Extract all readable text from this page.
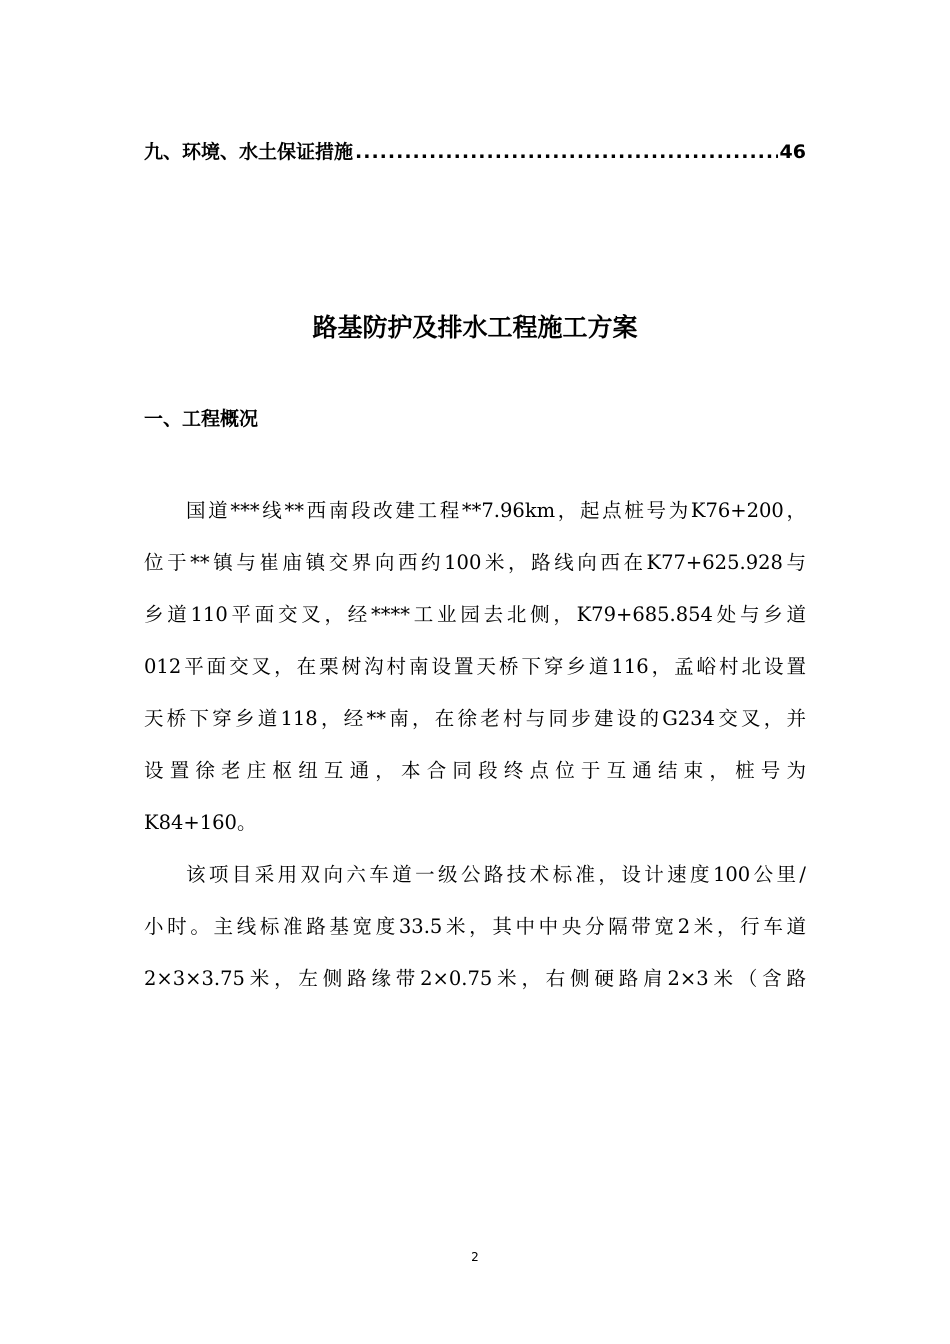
九、环境、水土保证措施
.....	46
路基防护及排水工程施工方案
一、工程概况
国道***线**西南段改建工程**7.96km，起点桩号为K76+200，
位于**镇与崔庙镇交界向西约100米，路线向西在K77+625.928与
乡道110平面交叉，经****工业园去北侧，K79+685.854处与乡道
012平面交叉，在栗树沟村南设置天桥下穿乡道116，孟峪村北设置
天桥下穿乡道118，经**南，在徐老村与同步建设的G234交叉，并
设置徐老庄枢纽互通，本合同段终点位于互通结束，桩号为
K84+160。
该项目采用双向六车道一级公路技术标准，设计速度100公里/
小时。主线标准路基宽度33.5米，其中中央分隔带宽2米，行车道
2×3×3.75米，左侧路缘带2×0.75米，右侧硬路肩2×3米（含路
2
